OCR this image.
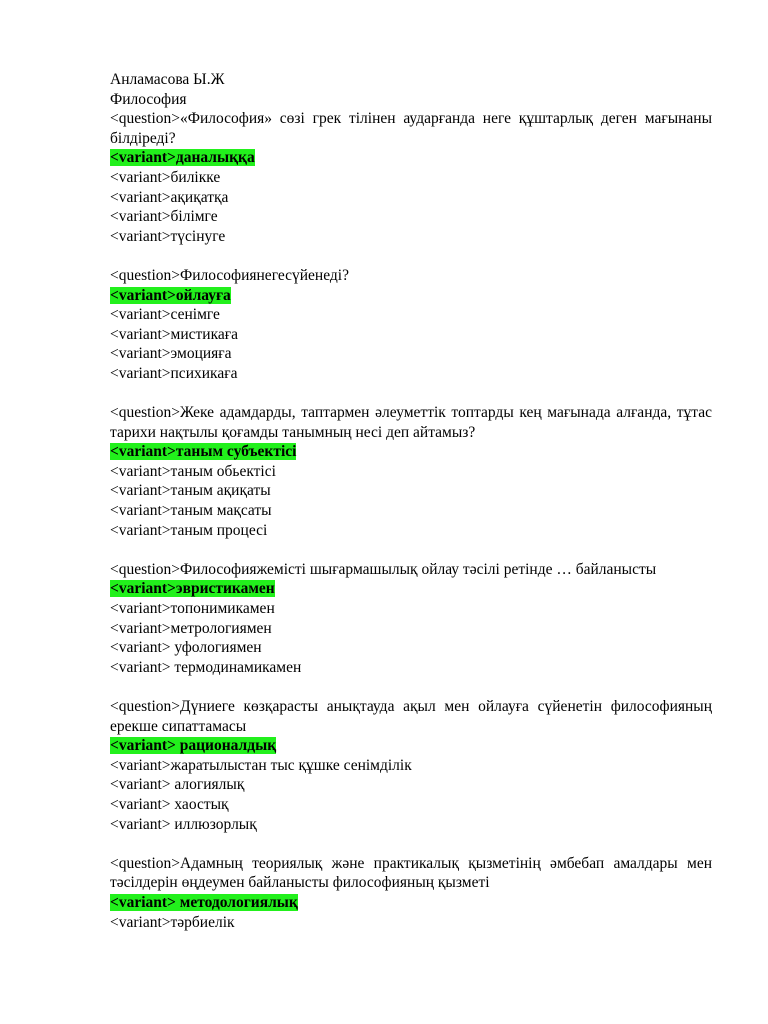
Анламасова Ы.Ж
Философия
<question>«Философия» сөзі грек тілінен аударғанда неге құштарлық деген мағынаны білдіреді?
<variant>даналыққа
<variant>билікке
<variant>ақиқатқа
<variant>білімге
<variant>түсінуге
<question>Философиянегесүйенеді?
<variant>ойлауға
<variant>сенімге
<variant>мистикаға
<variant>эмоцияға
<variant>психикаға
<question>Жеке адамдарды, таптармен әлеуметтік топтарды кең мағынада алғанда, тұтас тарихи нақтылы қоғамды танымның несі деп айтамыз?
<variant>таным субъектісі
<variant>таным обьектісі
<variant>таным ақиқаты
<variant>таным мақсаты
<variant>таным процесі
<question>Философияжемісті шығармашылық ойлау тәсілі ретінде … байланысты
<variant>эвристикамен
<variant>топонимикамен
<variant>метрологиямен
<variant> уфологиямен
<variant> термодинамикамен
<question>Дүниеге көзқарасты анықтауда ақыл мен ойлауға сүйенетін философияның ерекше сипаттамасы
<variant> рационалдық
<variant>жаратылыстан тыс құшке сенімділік
<variant> алогиялық
<variant> хаостық
<variant> иллюзорлық
<question>Адамның теориялық және практикалық қызметінің әмбебап амалдары мен тәсілдерін өңдеумен байланысты философияның қызметі
<variant> методологиялық
<variant>тәрбиелік
